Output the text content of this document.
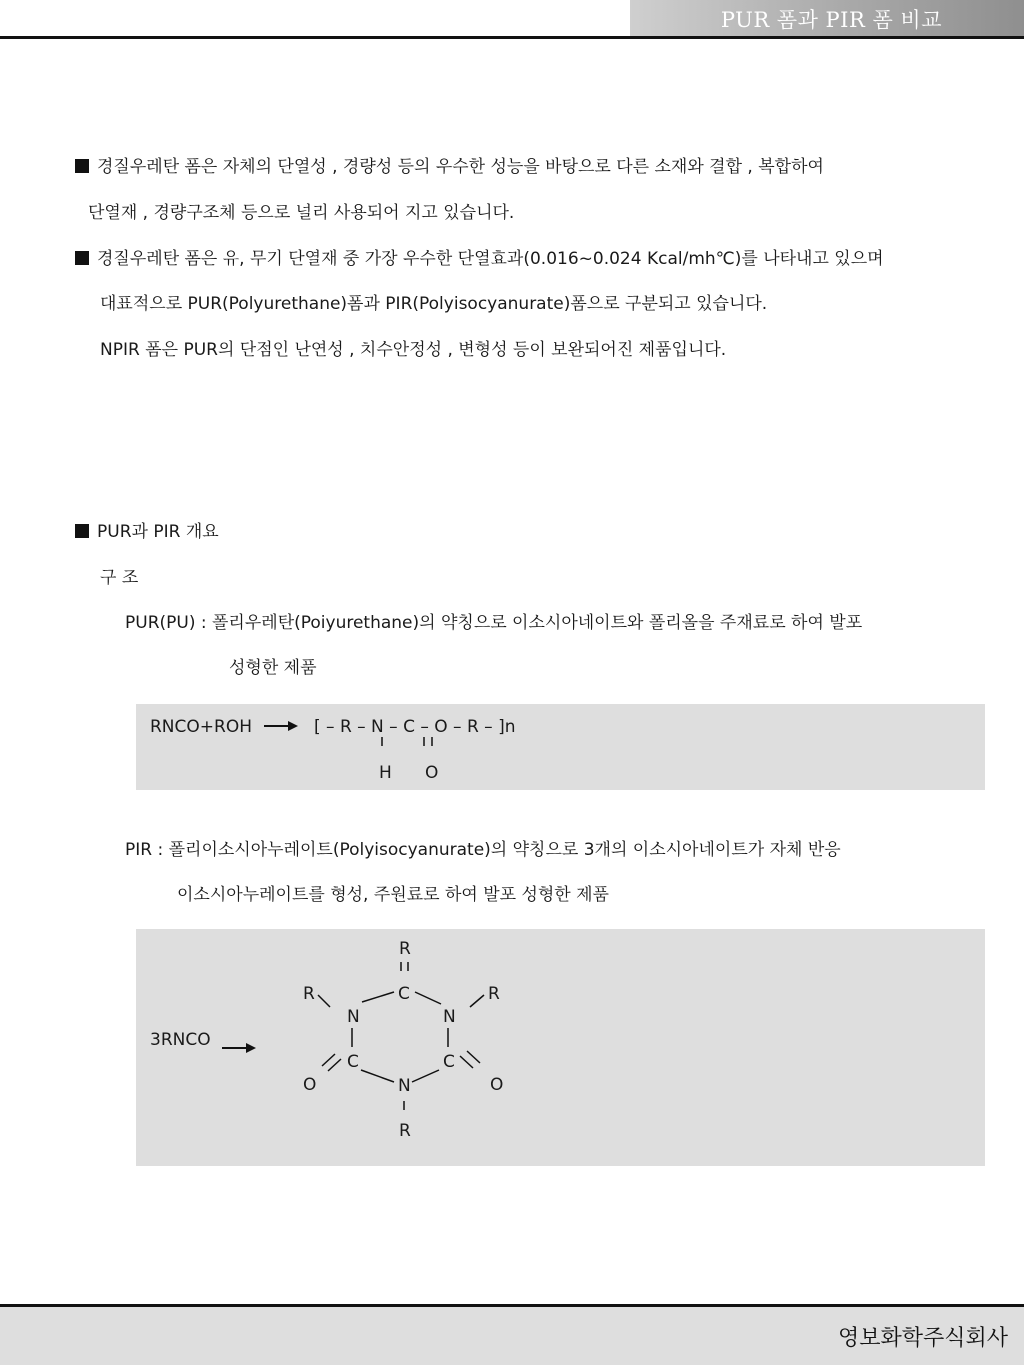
PUR 폼과 PIR 폼 비교
경질우레탄 폼은 자체의 단열성 , 경량성 등의 우수한 성능을 바탕으로 다른 소재와 결합 , 복합하여
단열재 , 경량구조체 등으로 널리 사용되어 지고 있습니다.
경질우레탄 폼은 유, 무기 단열재 중 가장 우수한 단열효과(0.016~0.024 Kcal/mh℃)를 나타내고 있으며
대표적으로 PUR(Polyurethane)폼과 PIR(Polyisocyanurate)폼으로 구분되고 있습니다.
NPIR 폼은 PUR의 단점인 난연성 , 치수안정성 , 변형성 등이 보완되어진 제품입니다.
PUR과 PIR 개요
구 조
PUR(PU) : 폴리우레탄(Poiyurethane)의 약칭으로 이소시아네이트와 폴리올을 주재료로 하여 발포
성형한 제품
RNCO+ROH	[ – R – N – C – O – R – ]n
H O
PIR : 폴리이소시아누레이트(Polyisocyanurate)의 약칭으로 3개의 이소시아네이트가 자체 반응
이소시아누레이트를 형성, 주원료로 하여 발포 성형한 제품
3RNCO
R
C
R
N
R
N
C	C
O	O
N
R
영보화학주식회사
